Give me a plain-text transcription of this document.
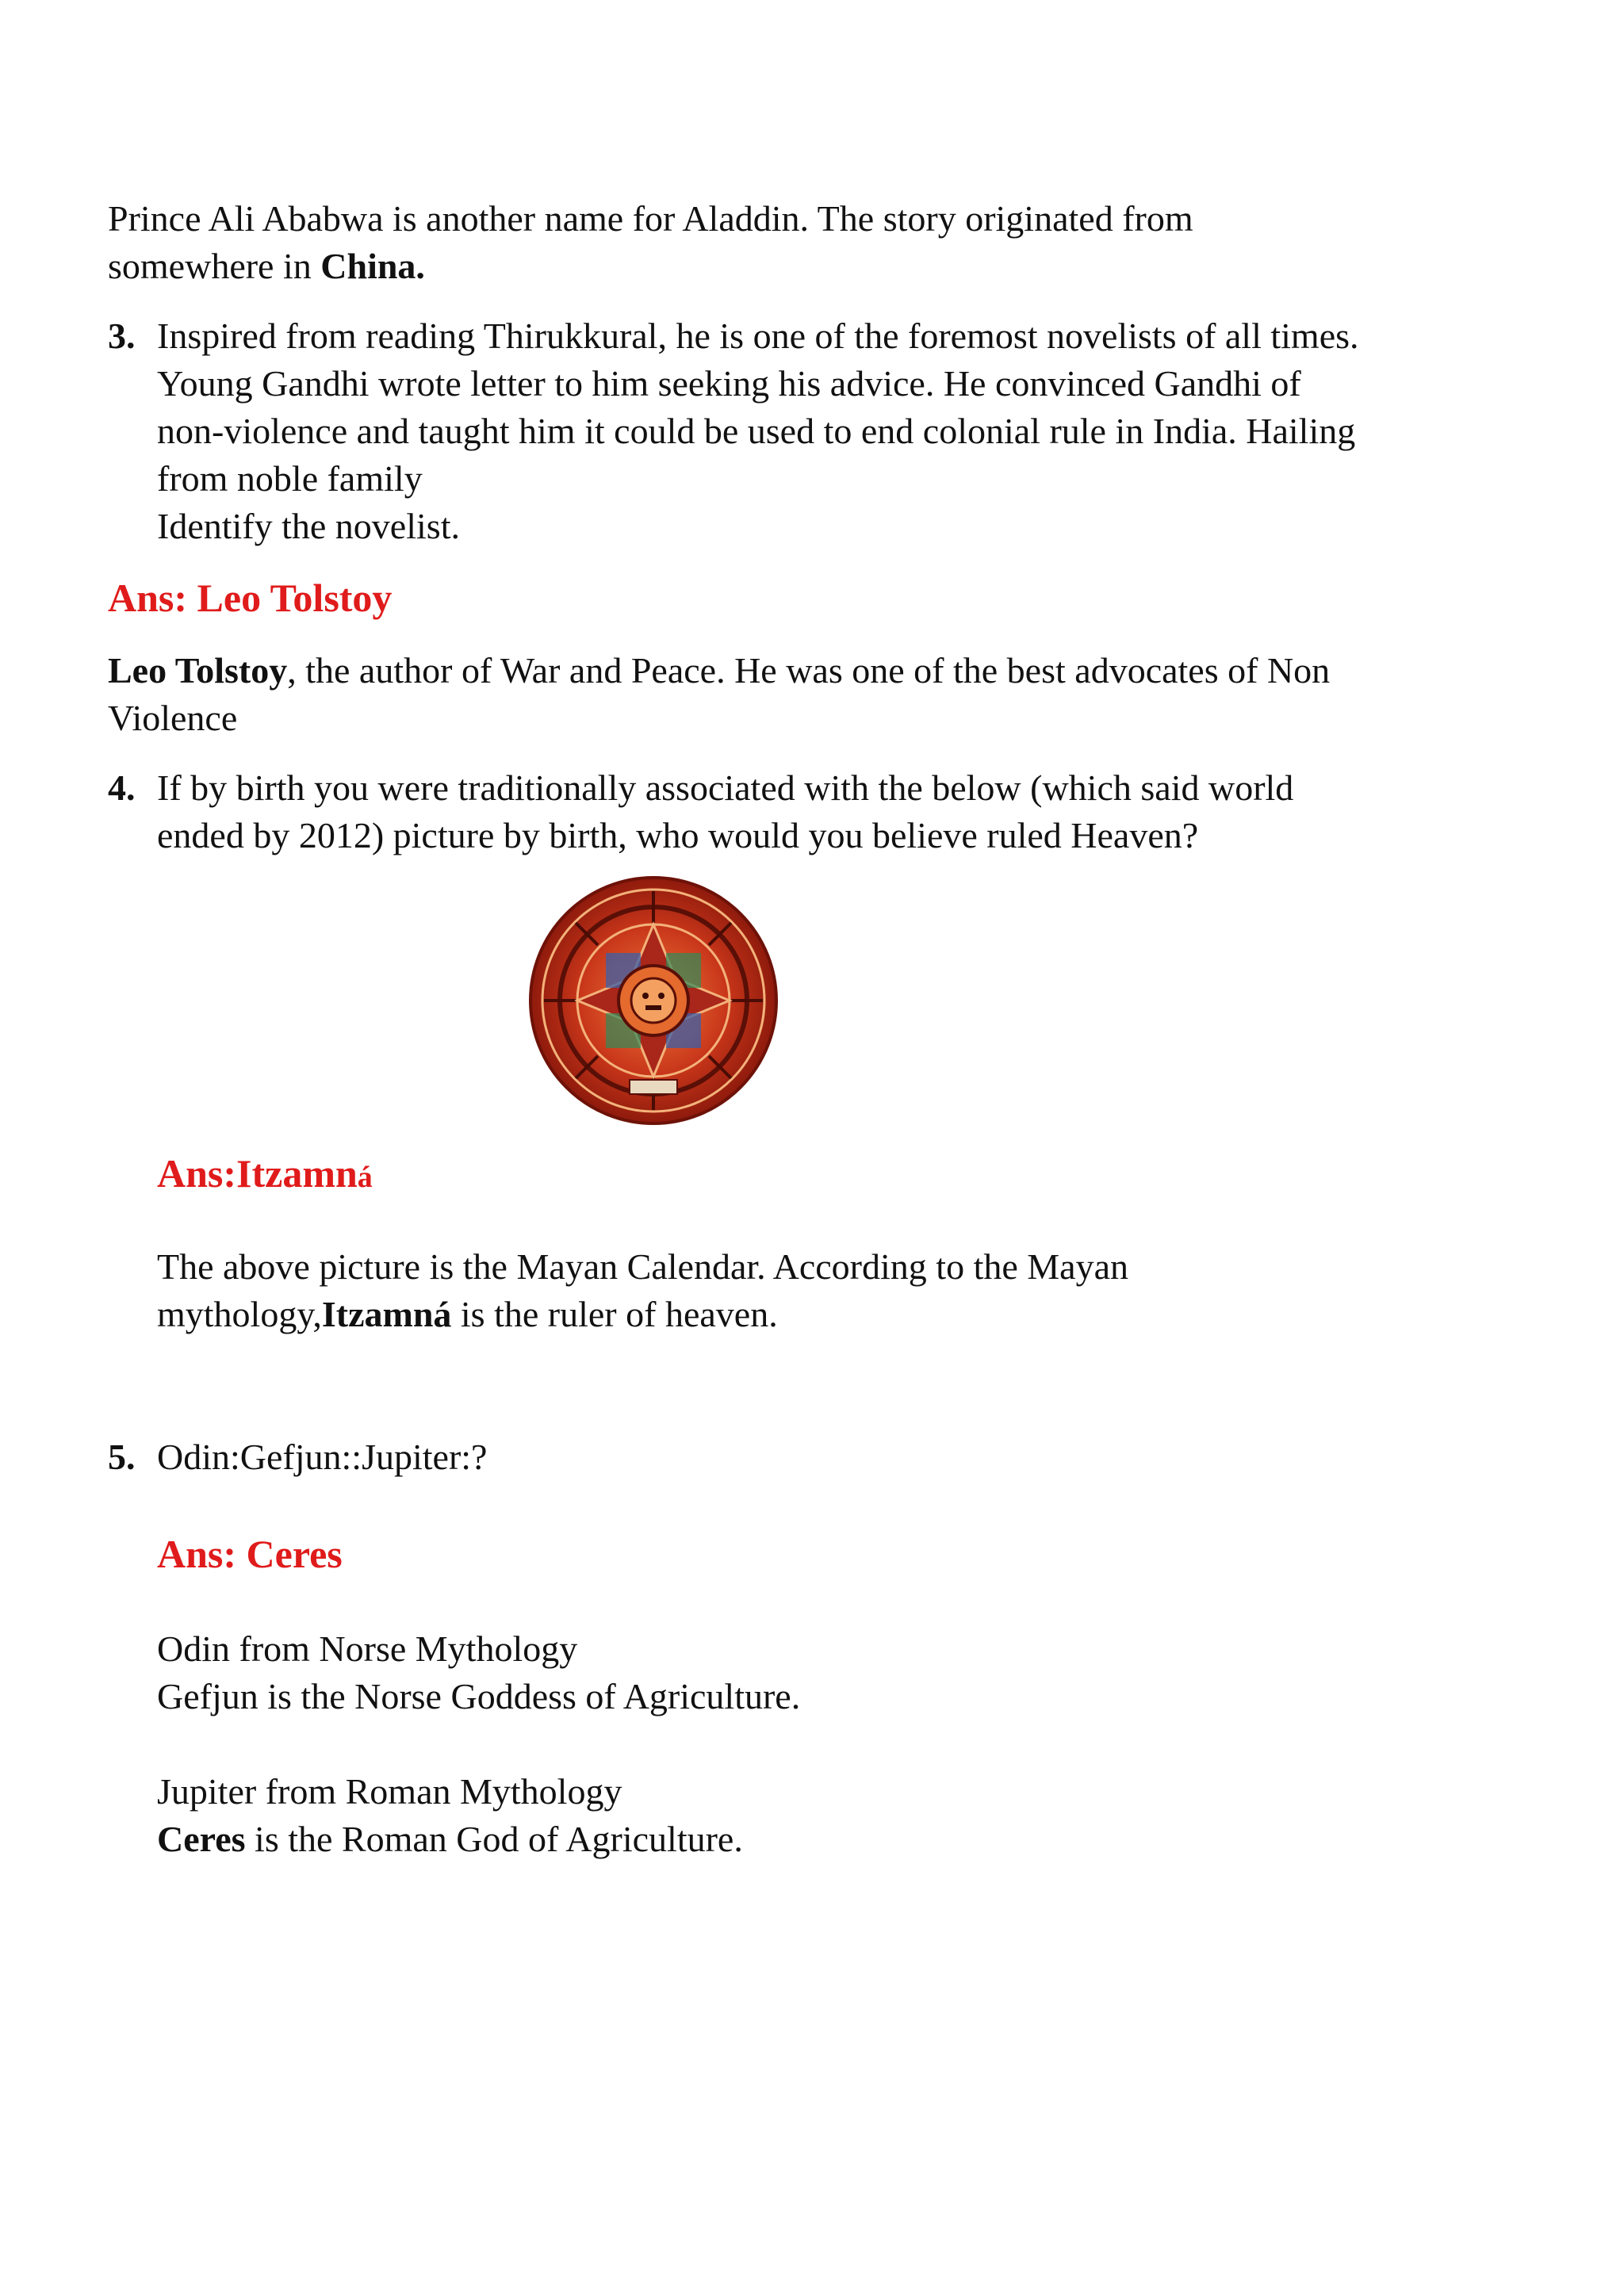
Prince Ali Ababwa is another name for Aladdin. The story originated from
somewhere in China.
3. Inspired from reading Thirukkural, he is one of the foremost novelists of all times.
Young Gandhi wrote letter to him seeking his advice. He convinced Gandhi of
non-violence and taught him it could be used to end colonial rule in India. Hailing
from noble family
Identify the novelist.
Ans: Leo Tolstoy
Leo Tolstoy, the author of War and Peace. He was one of the best advocates of Non
Violence
4. If by birth you were traditionally associated with the below (which said world
ended by 2012) picture by birth, who would you believe ruled Heaven?
Ans:Itzamná
The above picture is the Mayan Calendar. According to the Mayan
mythology,Itzamná is the ruler of heaven.
5. Odin:Gefjun::Jupiter:?
Ans: Ceres
Odin from Norse Mythology
Gefjun is the Norse Goddess of Agriculture.
Jupiter from Roman Mythology
Ceres is the Roman God of Agriculture.
